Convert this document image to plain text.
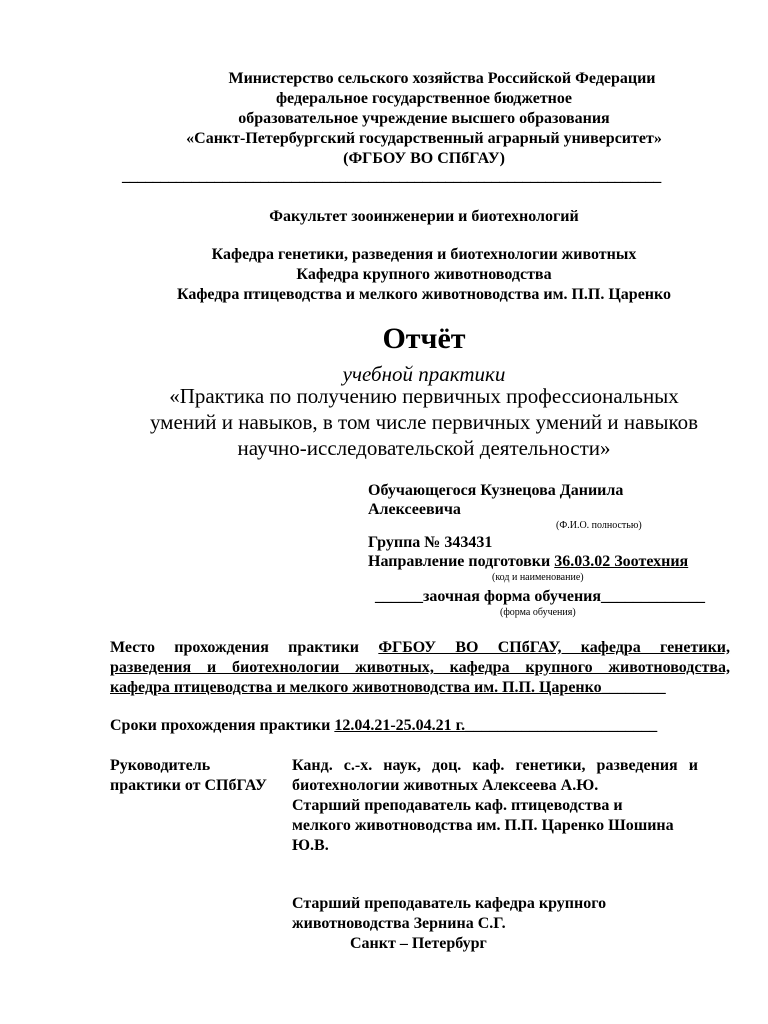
Министерство сельского хозяйства Российской Федерации
федеральное государственное бюджетное
образовательное учреждение высшего образования
«Санкт-Петербургский государственный аграрный университет»
(ФГБОУ ВО СПбГАУ)
______________________________________________________________________
Факультет зооинженерии и биотехнологий
Кафедра генетики, разведения и биотехнологии животных
Кафедра крупного животноводства
Кафедра птицеводства и мелкого животноводства им. П.П. Царенко
Отчёт
учебной практики
«Практика по получению первичных профессиональных
умений и навыков, в том числе первичных умений и навыков
научно-исследовательской деятельности»
Обучающегося Кузнецова Даниила
Алексеевича
(Ф.И.О. полностью)
Группа № 343431
Направление подготовки 36.03.02 Зоотехния
(код и наименование)
______заочная форма обучения_____________
(форма обучения)
Место прохождения практики ФГБОУ ВО СПбГАУ, кафедра генетики,
разведения и биотехнологии животных, кафедра крупного животноводства,
кафедра птицеводства и мелкого животноводства им. П.П. Царенко________
Сроки прохождения практики 12.04.21-25.04.21 г.________________________
Руководитель
практики от СПбГАУ
Канд. с.-х. наук, доц. каф. генетики, разведения и
биотехнологии животных Алексеева А.Ю.
Старший преподаватель каф. птицеводства и
мелкого животноводства им. П.П. Царенко Шошина
Ю.В.
Старший преподаватель кафедра крупного
животноводства Зернина С.Г.
Санкт – Петербург
